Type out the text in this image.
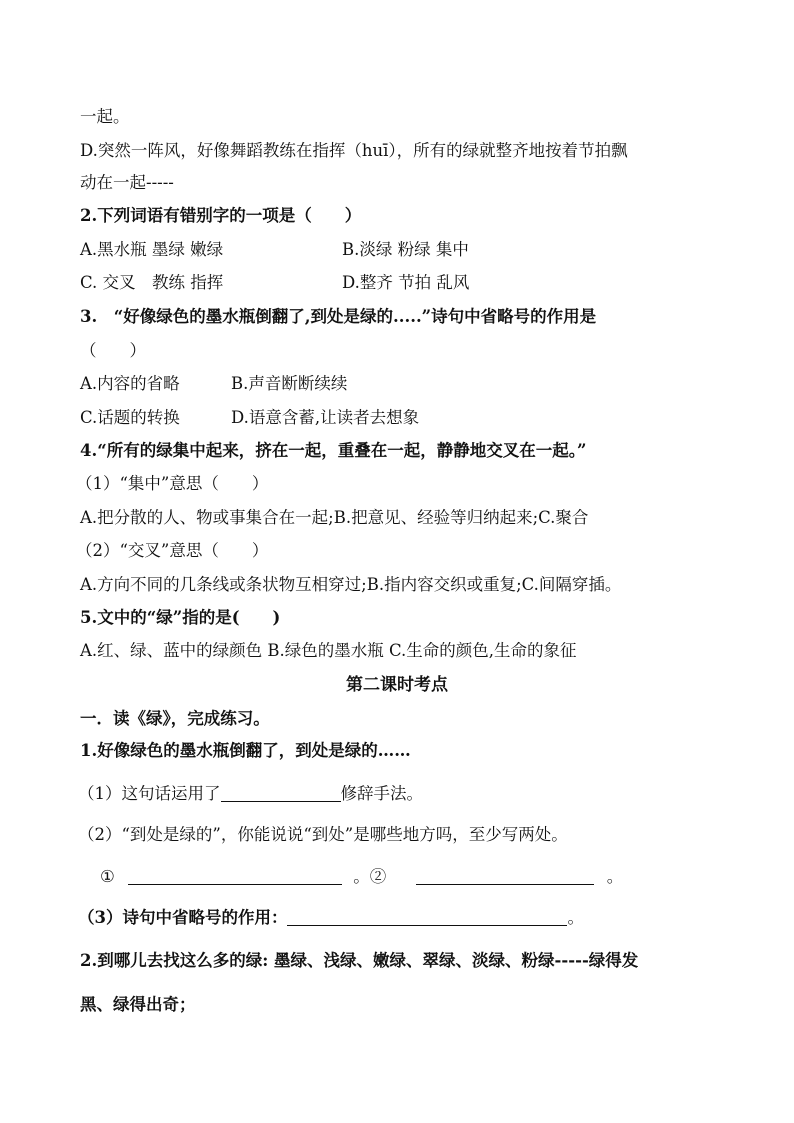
一起。
D.突然一阵风，好像舞蹈教练在指挥（huī），所有的绿就整齐地按着节拍飘
动在一起-----
2.下列词语有错别字的一项是（　　）
A.黑水瓶 墨绿 嫩绿	B.淡绿 粉绿 集中
C. 交叉　教练 指挥	D.整齐 节拍 乱风
3.　“好像绿色的墨水瓶倒翻了,到处是绿的.....”诗句中省略号的作用是
（　　）
A.内容的省略	B.声音断断续续
C.话题的转换	D.语意含蓄,让读者去想象
4.“所有的绿集中起来，挤在一起，重叠在一起，静静地交叉在一起。”
（1）“集中”意思（　　）
A.把分散的人、物或事集合在一起;B.把意见、经验等归纳起来;C.聚合
（2）“交叉”意思（　　）
A.方向不同的几条线或条状物互相穿过;B.指内容交织或重复;C.间隔穿插。
5.文中的“绿”指的是(　　)
A.红、绿、蓝中的绿颜色 B.绿色的墨水瓶 C.生命的颜色,生命的象征
第二课时考点
一．读《绿》，完成练习。
1.好像绿色的墨水瓶倒翻了，到处是绿的……
（1）这句话运用了	修辞手法。
（2）“到处是绿的”，你能说说“到处”是哪些地方吗，至少写两处。
①	。②	。
（3）诗句中省略号的作用：	。
2.到哪儿去找这么多的绿: 墨绿、浅绿、嫩绿、翠绿、淡绿、粉绿-----绿得发
黑、绿得出奇；
